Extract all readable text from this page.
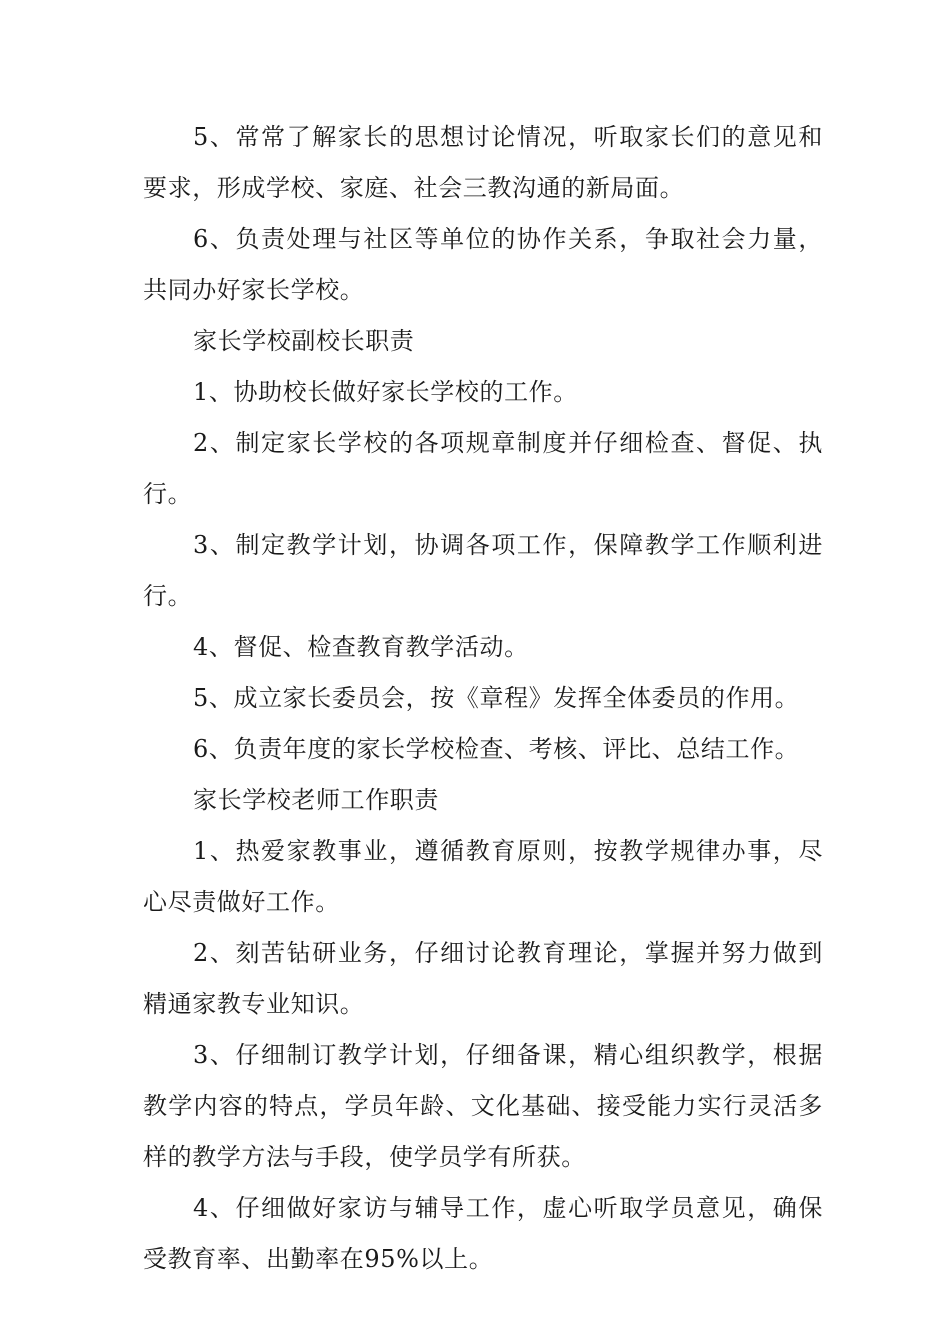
5、常常了解家长的思想讨论情况，听取家长们的意见和要求，形成学校、家庭、社会三教沟通的新局面。

6、负责处理与社区等单位的协作关系，争取社会力量，共同办好家长学校。

家长学校副校长职责

1、协助校长做好家长学校的工作。

2、制定家长学校的各项规章制度并仔细检查、督促、执行。

3、制定教学计划，协调各项工作，保障教学工作顺利进行。

4、督促、检查教育教学活动。

5、成立家长委员会，按《章程》发挥全体委员的作用。

6、负责年度的家长学校检查、考核、评比、总结工作。

家长学校老师工作职责

1、热爱家教事业，遵循教育原则，按教学规律办事，尽心尽责做好工作。

2、刻苦钻研业务，仔细讨论教育理论，掌握并努力做到精通家教专业知识。

3、仔细制订教学计划，仔细备课，精心组织教学，根据教学内容的特点，学员年龄、文化基础、接受能力实行灵活多样的教学方法与手段，使学员学有所获。

4、仔细做好家访与辅导工作，虚心听取学员意见，确保受教育率、出勤率在95%以上。
